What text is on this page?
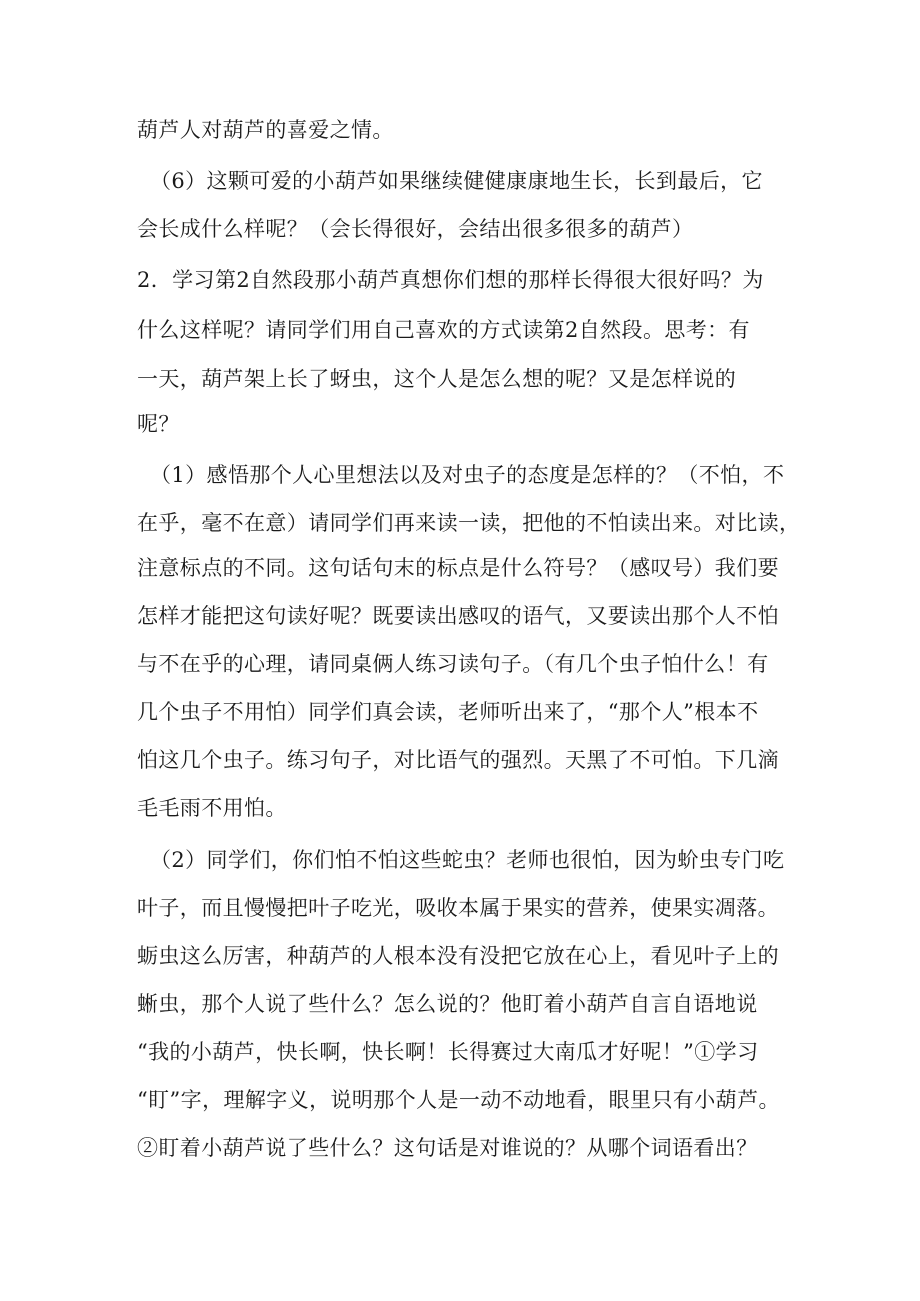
葫芦人对葫芦的喜爱之情。
（6）这颗可爱的小葫芦如果继续健健康康地生长，长到最后，它
会长成什么样呢？（会长得很好，会结出很多很多的葫芦）
2．学习第2自然段那小葫芦真想你们想的那样长得很大很好吗？为
什么这样呢？请同学们用自己喜欢的方式读第2自然段。思考：有
一天，葫芦架上长了蚜虫，这个人是怎么想的呢？又是怎样说的
呢？
（1）感悟那个人心里想法以及对虫子的态度是怎样的？（不怕，不
在乎，毫不在意）请同学们再来读一读，把他的不怕读出来。对比读，
注意标点的不同。这句话句末的标点是什么符号？（感叹号）我们要
怎样才能把这句读好呢？既要读出感叹的语气，又要读出那个人不怕
与不在乎的心理，请同桌俩人练习读句子。（有几个虫子怕什么！有
几个虫子不用怕）同学们真会读，老师听出来了，“那个人”根本不
怕这几个虫子。练习句子，对比语气的强烈。天黑了不可怕。下几滴
毛毛雨不用怕。
（2）同学们，你们怕不怕这些蛇虫？老师也很怕，因为蚧虫专门吃
叶子，而且慢慢把叶子吃光，吸收本属于果实的营养，使果实凋落。
蛎虫这么厉害，种葫芦的人根本没有没把它放在心上，看见叶子上的
蜥虫，那个人说了些什么？怎么说的？他盯着小葫芦自言自语地说
“我的小葫芦，快长啊，快长啊！长得赛过大南瓜才好呢！”①学习
“盯”字，理解字义，说明那个人是一动不动地看，眼里只有小葫芦。
②盯着小葫芦说了些什么？这句话是对谁说的？从哪个词语看出？
